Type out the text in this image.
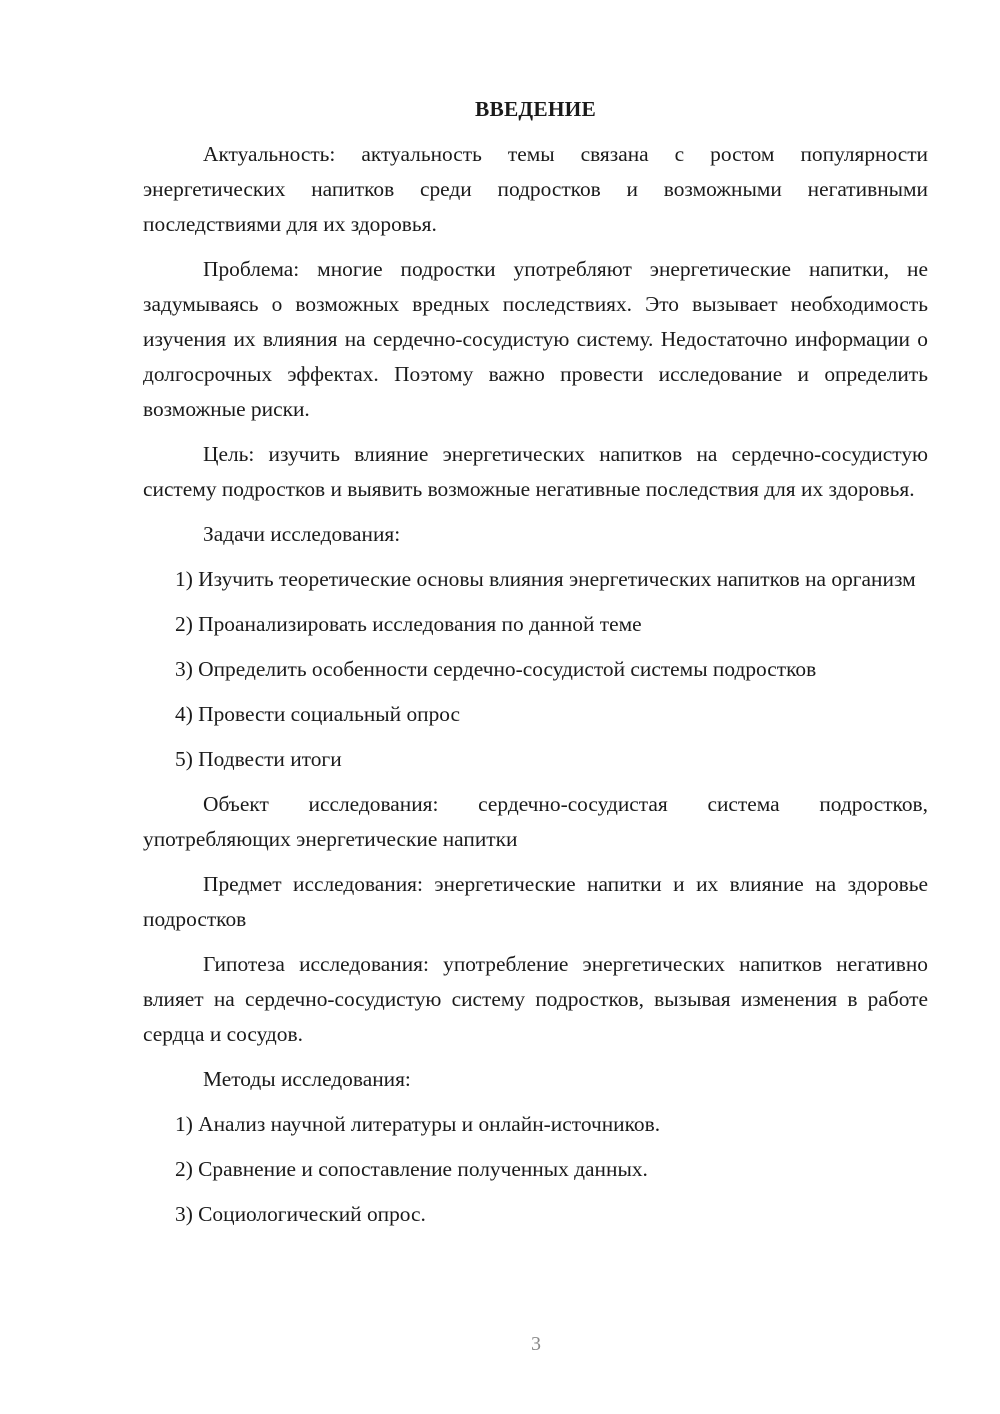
ВВЕДЕНИЕ

Актуальность: актуальность темы связана с ростом популярности энергетических напитков среди подростков и возможными негативными последствиями для их здоровья.

Проблема: многие подростки употребляют энергетические напитки, не задумываясь о возможных вредных последствиях. Это вызывает необходимость изучения их влияния на сердечно-сосудистую систему. Недостаточно информации о долгосрочных эффектах. Поэтому важно провести исследование и определить возможные риски.

Цель: изучить влияние энергетических напитков на сердечно-сосудистую систему подростков и выявить возможные негативные последствия для их здоровья.

Задачи исследования:

1) Изучить теоретические основы влияния энергетических напитков на организм

2) Проанализировать исследования по данной теме

3) Определить особенности сердечно-сосудистой системы подростков

4) Провести социальный опрос

5) Подвести итоги

Объект исследования: сердечно-сосудистая система подростков, употребляющих энергетические напитки

Предмет исследования: энергетические напитки и их влияние на здоровье подростков

Гипотеза исследования: употребление энергетических напитков негативно влияет на сердечно-сосудистую систему подростков, вызывая изменения в работе сердца и сосудов.

Методы исследования:

1) Анализ научной литературы и онлайн-источников.

2) Сравнение и сопоставление полученных данных.

3) Социологический опрос.

3
